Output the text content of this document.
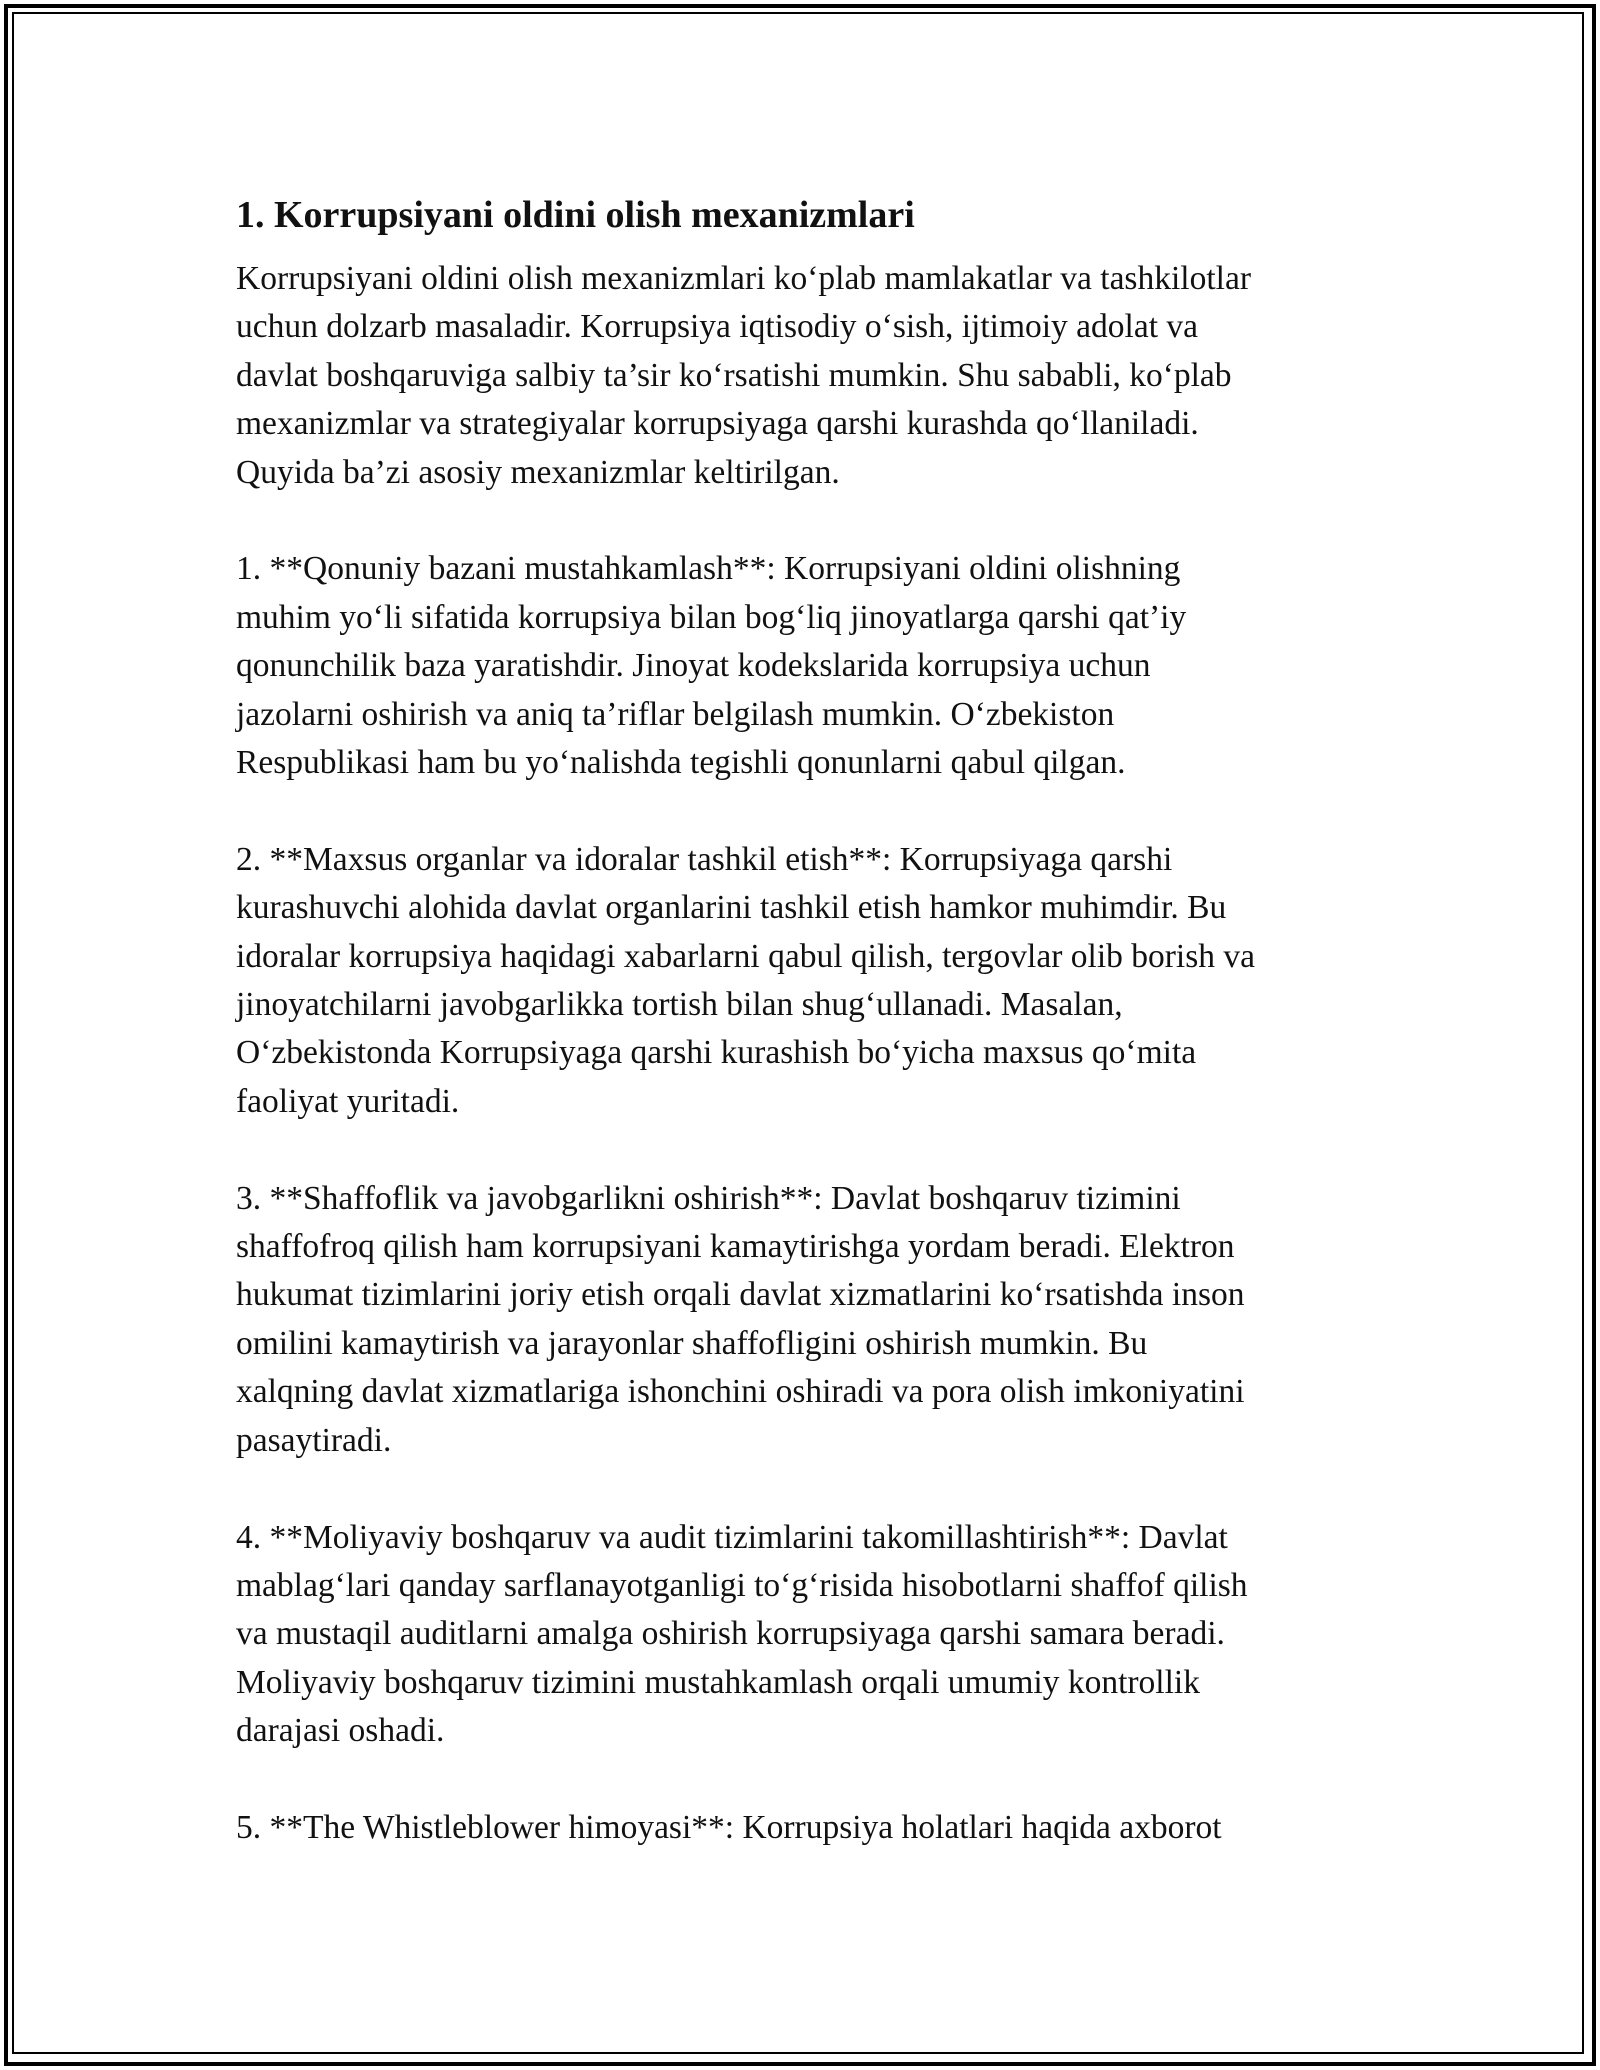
1. Korrupsiyani oldini olish mexanizmlari
Korrupsiyani oldini olish mexanizmlari ko‘plab mamlakatlar va tashkilotlar
uchun dolzarb masaladir. Korrupsiya iqtisodiy o‘sish, ijtimoiy adolat va
davlat boshqaruviga salbiy ta’sir ko‘rsatishi mumkin. Shu sababli, ko‘plab
mexanizmlar va strategiyalar korrupsiyaga qarshi kurashda qo‘llaniladi.
Quyida ba’zi asosiy mexanizmlar keltirilgan.
1. **Qonuniy bazani mustahkamlash**: Korrupsiyani oldini olishning
muhim yo‘li sifatida korrupsiya bilan bog‘liq jinoyatlarga qarshi qat’iy
qonunchilik baza yaratishdir. Jinoyat kodekslarida korrupsiya uchun
jazolarni oshirish va aniq ta’riflar belgilash mumkin. O‘zbekiston
Respublikasi ham bu yo‘nalishda tegishli qonunlarni qabul qilgan.
2. **Maxsus organlar va idoralar tashkil etish**: Korrupsiyaga qarshi
kurashuvchi alohida davlat organlarini tashkil etish hamkor muhimdir. Bu
idoralar korrupsiya haqidagi xabarlarni qabul qilish, tergovlar olib borish va
jinoyatchilarni javobgarlikka tortish bilan shug‘ullanadi. Masalan,
O‘zbekistonda Korrupsiyaga qarshi kurashish bo‘yicha maxsus qo‘mita
faoliyat yuritadi.
3. **Shaffoflik va javobgarlikni oshirish**: Davlat boshqaruv tizimini
shaffofroq qilish ham korrupsiyani kamaytirishga yordam beradi. Elektron
hukumat tizimlarini joriy etish orqali davlat xizmatlarini ko‘rsatishda inson
omilini kamaytirish va jarayonlar shaffofligini oshirish mumkin. Bu
xalqning davlat xizmatlariga ishonchini oshiradi va pora olish imkoniyatini
pasaytiradi.
4. **Moliyaviy boshqaruv va audit tizimlarini takomillashtirish**: Davlat
mablag‘lari qanday sarflanayotganligi to‘g‘risida hisobotlarni shaffof qilish
va mustaqil auditlarni amalga oshirish korrupsiyaga qarshi samara beradi.
Moliyaviy boshqaruv tizimini mustahkamlash orqali umumiy kontrollik
darajasi oshadi.
5. **The Whistleblower himoyasi**: Korrupsiya holatlari haqida axborot
